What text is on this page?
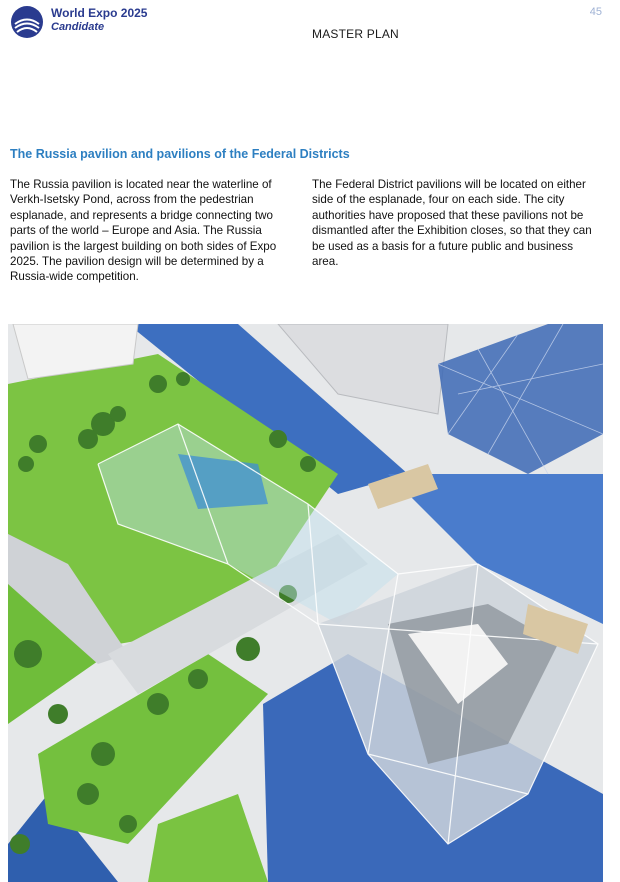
World Expo 2025
Candidate
45
MASTER PLAN
The Russia pavilion and pavilions of the Federal Districts
The Russia pavilion is located near the waterline of Verkh-Isetsky Pond, across from the pedestrian esplanade, and represents a bridge connecting two parts of the world – Europe and Asia. The Russia pavilion is the largest building on both sides of Expo 2025. The pavilion design will be determined by a Russia-wide competition.
The Federal District pavilions will be located on either side of the esplanade, four on each side. The city authorities have proposed that these pavilions not be dismantled after the Exhibition closes, so that they can be used as a basis for a future public and business area.
